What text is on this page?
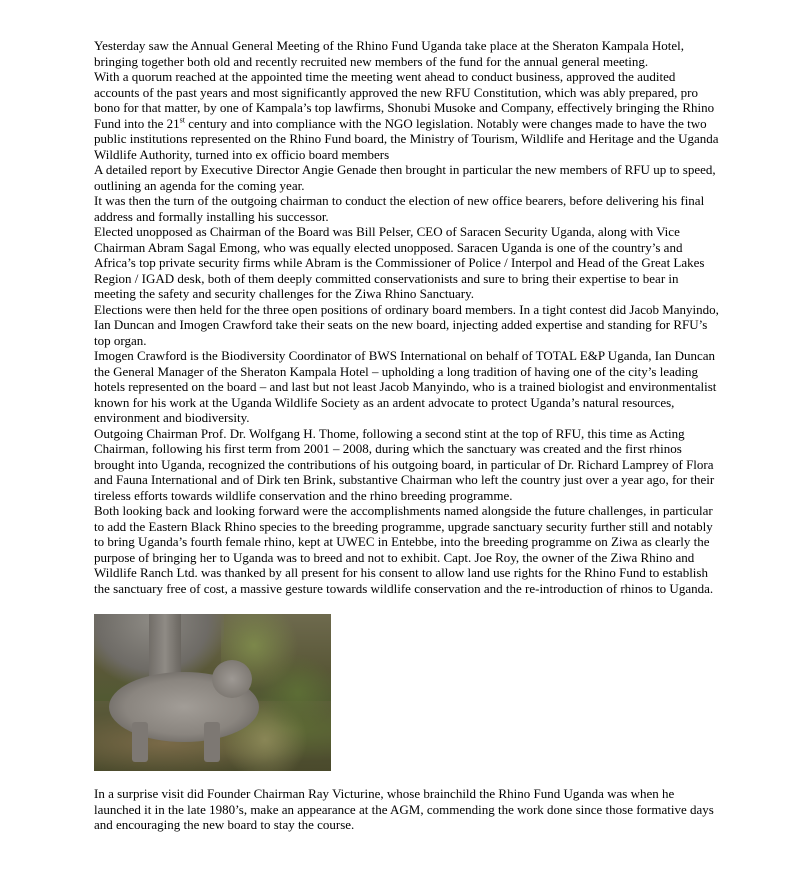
Yesterday saw the Annual General Meeting of the Rhino Fund Uganda take place at the Sheraton Kampala Hotel, bringing together both old and recently recruited new members of the fund for the annual general meeting.

With a quorum reached at the appointed time the meeting went ahead to conduct business, approved the audited accounts of the past years and most significantly approved the new RFU Constitution, which was ably prepared, pro bono for that matter, by one of Kampala’s top lawfirms, Shonubi Musoke and Company, effectively bringing the Rhino Fund into the 21st century and into compliance with the NGO legislation. Notably were changes made to have the two public institutions represented on the Rhino Fund board, the Ministry of Tourism, Wildlife and Heritage and the Uganda Wildlife Authority, turned into ex officio board members

A detailed report by Executive Director Angie Genade then brought in particular the new members of RFU up to speed, outlining an agenda for the coming year.

It was then the turn of the outgoing chairman to conduct the election of new office bearers, before delivering his final address and formally installing his successor.

Elected unopposed as Chairman of the Board was Bill Pelser, CEO of Saracen Security Uganda, along with Vice Chairman Abram Sagal Emong, who was equally elected unopposed. Saracen Uganda is one of the country’s and Africa’s top private security firms while Abram is the Commissioner of Police / Interpol and Head of the Great Lakes Region / IGAD desk, both of them deeply committed conservationists and sure to bring their expertise to bear in meeting the safety and security challenges for the Ziwa Rhino Sanctuary.

Elections were then held for the three open positions of ordinary board members. In a tight contest did Jacob Manyindo, Ian Duncan and Imogen Crawford take their seats on the new board, injecting added expertise and standing for RFU’s top organ.

Imogen Crawford is the Biodiversity Coordinator of BWS International on behalf of TOTAL E&P Uganda, Ian Duncan the General Manager of the Sheraton Kampala Hotel – upholding a long tradition of having one of the city’s leading hotels represented on the board – and last but not least Jacob Manyindo, who is a trained biologist and environmentalist known for his work at the Uganda Wildlife Society as an ardent advocate to protect Uganda’s natural resources, environment and biodiversity.

Outgoing Chairman Prof. Dr. Wolfgang H. Thome, following a second stint at the top of RFU, this time as Acting Chairman, following his first term from 2001 – 2008, during which the sanctuary was created and the first rhinos brought into Uganda, recognized the contributions of his outgoing board, in particular of Dr. Richard Lamprey of Flora and Fauna International and of Dirk ten Brink, substantive Chairman who left the country just over a year ago, for their tireless efforts towards wildlife conservation and the rhino breeding programme.

Both looking back and looking forward were the accomplishments named alongside the future challenges, in particular to add the Eastern Black Rhino species to the breeding programme, upgrade sanctuary security further still and notably to bring Uganda’s fourth female rhino, kept at UWEC in Entebbe, into the breeding programme on Ziwa as clearly the purpose of bringing her to Uganda was to breed and not to exhibit. Capt. Joe Roy, the owner of the Ziwa Rhino and Wildlife Ranch Ltd. was thanked by all present for his consent to allow land use rights for the Rhino Fund to establish the sanctuary free of cost, a massive gesture towards wildlife conservation and the re-introduction of rhinos to Uganda.

In a surprise visit did Founder Chairman Ray Victurine, whose brainchild the Rhino Fund Uganda was when he launched it in the late 1980’s, make an appearance at the AGM, commending the work done since those formative days and encouraging the new board to stay the course.
